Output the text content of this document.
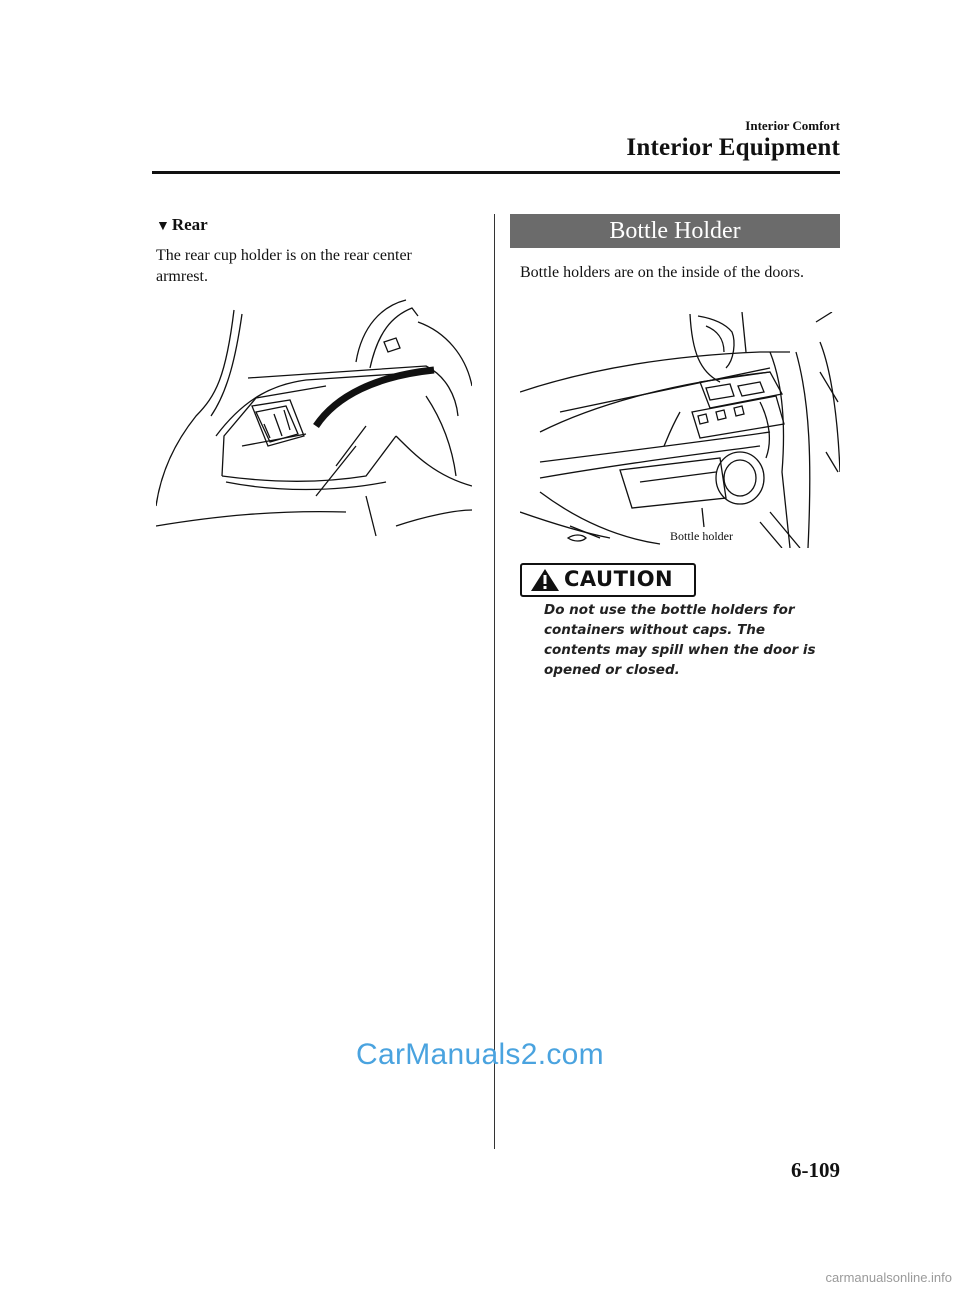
Interior Comfort
Interior Equipment
▼ Rear
The rear cup holder is on the rear center armrest.
Bottle Holder
Bottle holders are on the inside of the doors.
Bottle holder
CAUTION
Do not use the bottle holders for containers without caps. The contents may spill when the door is opened or closed.
6-109
CarManuals2.com
carmanualsonline.info
